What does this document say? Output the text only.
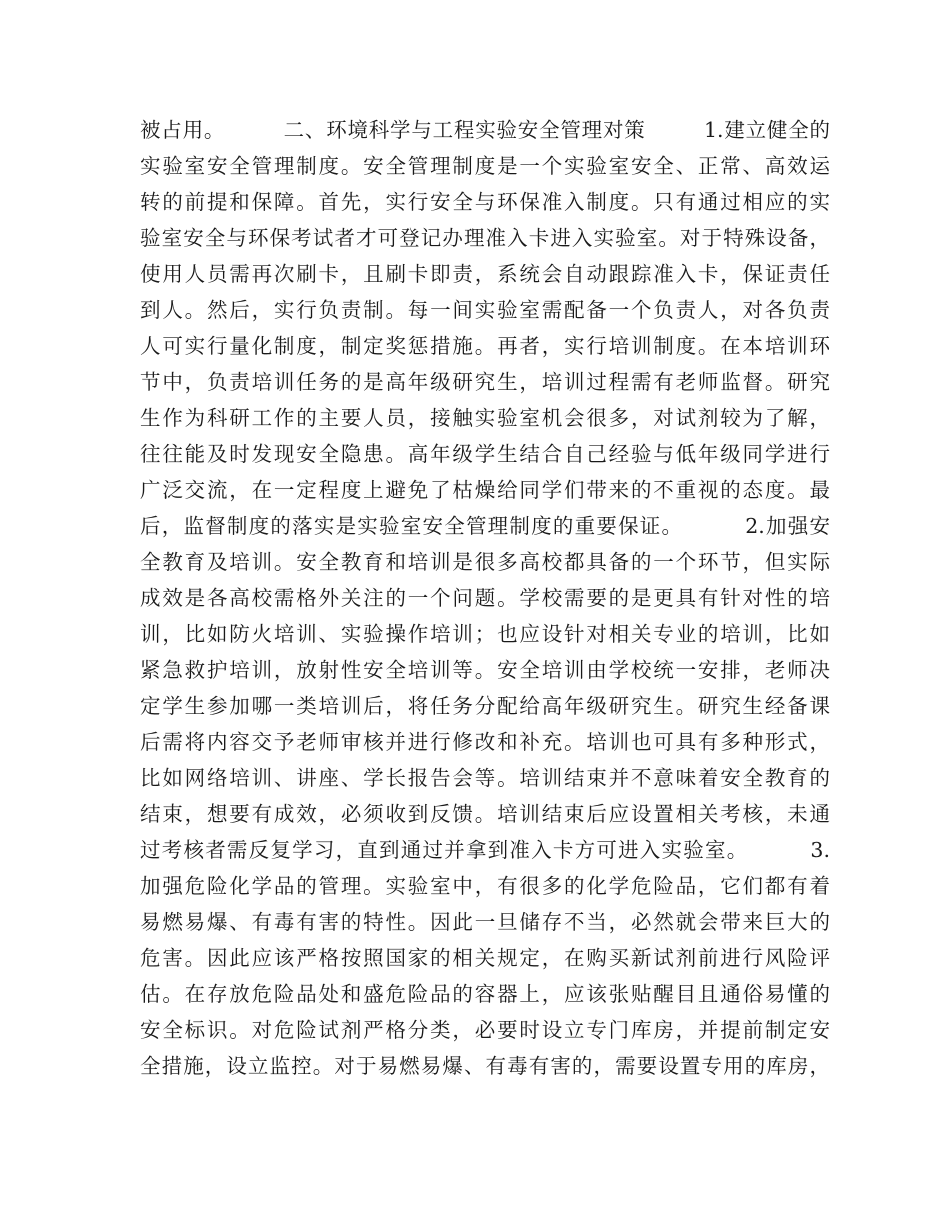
被占用。        二、环境科学与工程实验安全管理对策        1.建立健全的
实验室安全管理制度。安全管理制度是一个实验室安全、正常、高效运
转的前提和保障。首先，实行安全与环保准入制度。只有通过相应的实
验室安全与环保考试者才可登记办理准入卡进入实验室。对于特殊设备，
使用人员需再次刷卡，且刷卡即责，系统会自动跟踪准入卡，保证责任
到人。然后，实行负责制。每一间实验室需配备一个负责人，对各负责
人可实行量化制度，制定奖惩措施。再者，实行培训制度。在本培训环
节中，负责培训任务的是高年级研究生，培训过程需有老师监督。研究
生作为科研工作的主要人员，接触实验室机会很多，对试剂较为了解，
往往能及时发现安全隐患。高年级学生结合自己经验与低年级同学进行
广泛交流，在一定程度上避免了枯燥给同学们带来的不重视的态度。最
后，监督制度的落实是实验室安全管理制度的重要保证。        2.加强安
全教育及培训。安全教育和培训是很多高校都具备的一个环节，但实际
成效是各高校需格外关注的一个问题。学校需要的是更具有针对性的培
训，比如防火培训、实验操作培训；也应设针对相关专业的培训，比如
紧急救护培训，放射性安全培训等。安全培训由学校统一安排，老师决
定学生参加哪一类培训后，将任务分配给高年级研究生。研究生经备课
后需将内容交予老师审核并进行修改和补充。培训也可具有多种形式，
比如网络培训、讲座、学长报告会等。培训结束并不意味着安全教育的
结束，想要有成效，必须收到反馈。培训结束后应设置相关考核，未通
过考核者需反复学习，直到通过并拿到准入卡方可进入实验室。        3.
加强危险化学品的管理。实验室中，有很多的化学危险品，它们都有着
易燃易爆、有毒有害的特性。因此一旦储存不当，必然就会带来巨大的
危害。因此应该严格按照国家的相关规定，在购买新试剂前进行风险评
估。在存放危险品处和盛危险品的容器上，应该张贴醒目且通俗易懂的
安全标识。对危险试剂严格分类，必要时设立专门库房，并提前制定安
全措施，设立监控。对于易燃易爆、有毒有害的，需要设置专用的库房，
